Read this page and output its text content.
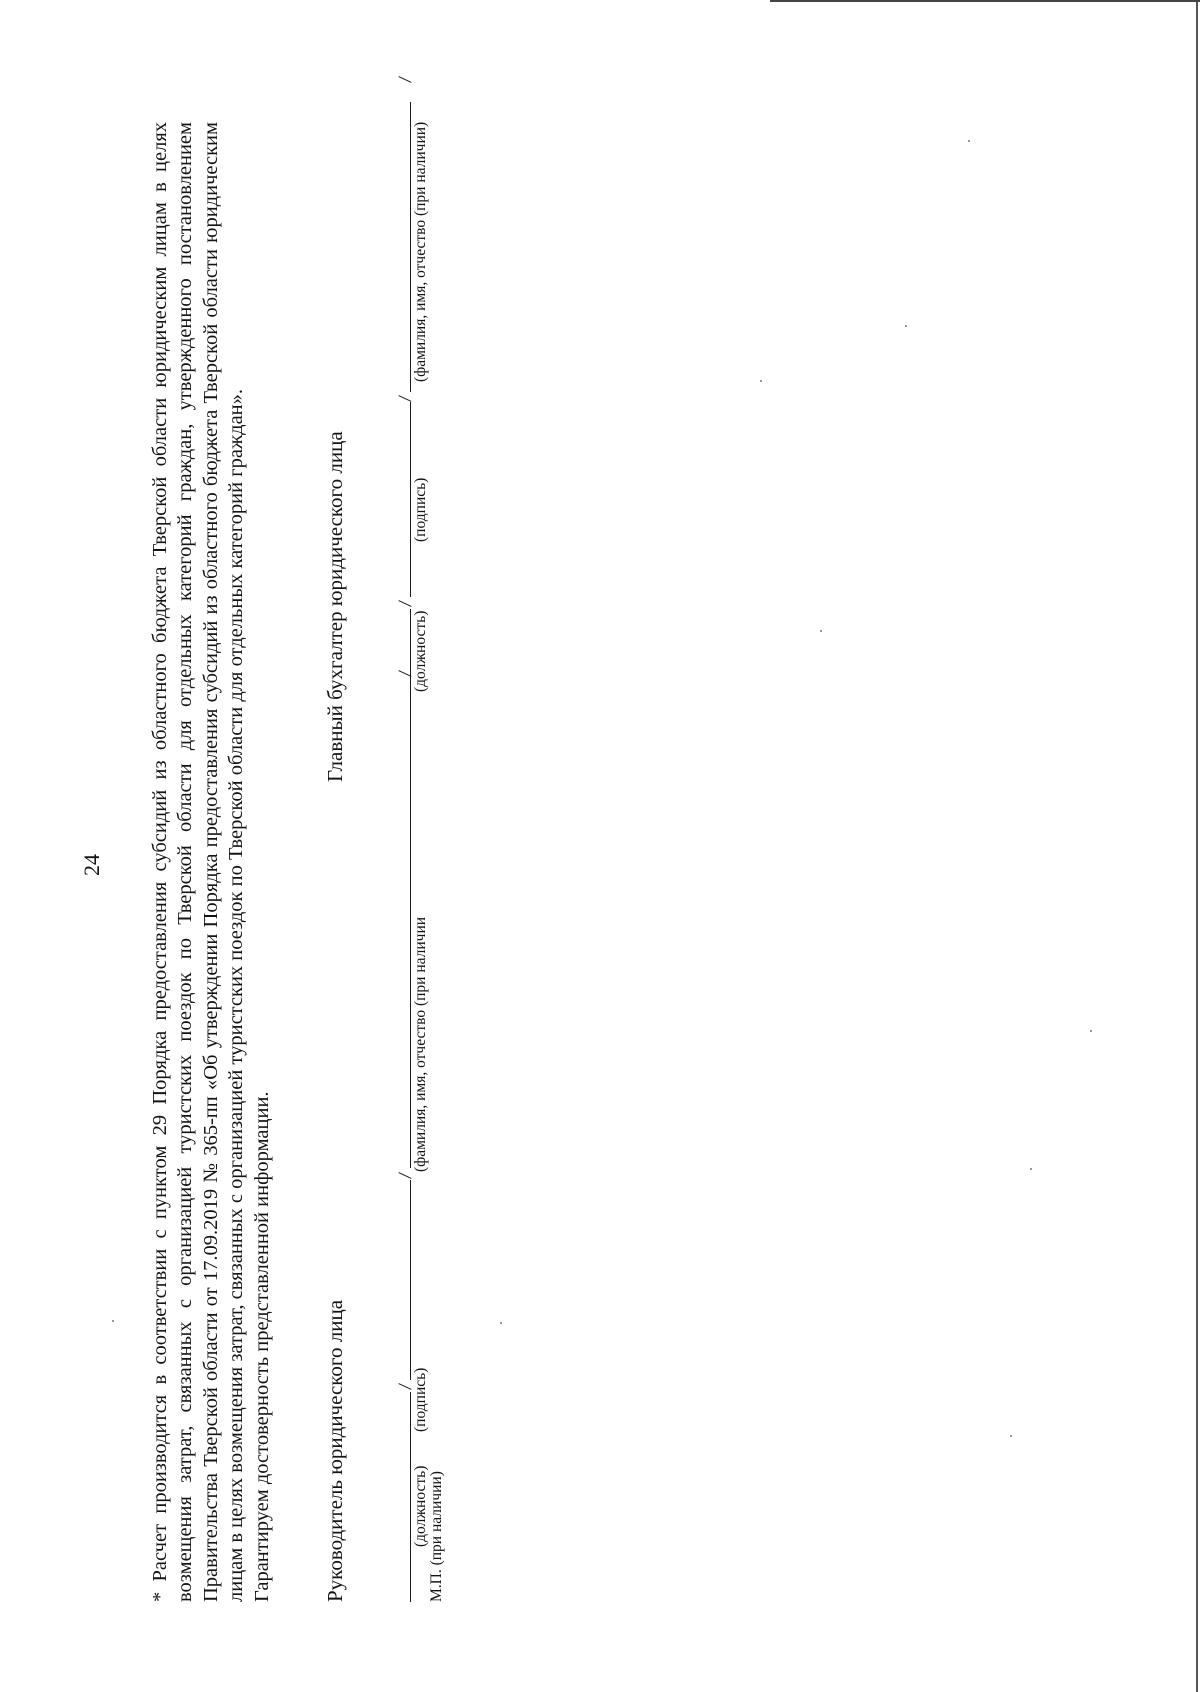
24 * Расчет производится в соответствии с пунктом 29 Порядка предоставления субсидий из областного бюджета Тверской области юридическим лицам в целях возмещения затрат, связанных с организацией туристских поездок по Тверской области для отдельных категорий граждан, утвержденного постановлением Правительства Тверской области от 17.09.2019 № 365-пп «Об утверждении Порядка предоставления субсидий из областного бюджета Тверской области юридическим лицам в целях возмещения затрат, связанных с организацией туристских поездок по Тверской области для отдельных категорий граждан». Гарантируем достоверность представленной информации. Руководитель юридического лица	(должность)
(подпись)
(фамилия, имя, отчество (при наличии
М.П. (при наличии)
Главный бухгалтер юридического лица	(должность)
(подпись)
(фамилия, имя, отчество (при наличии)
